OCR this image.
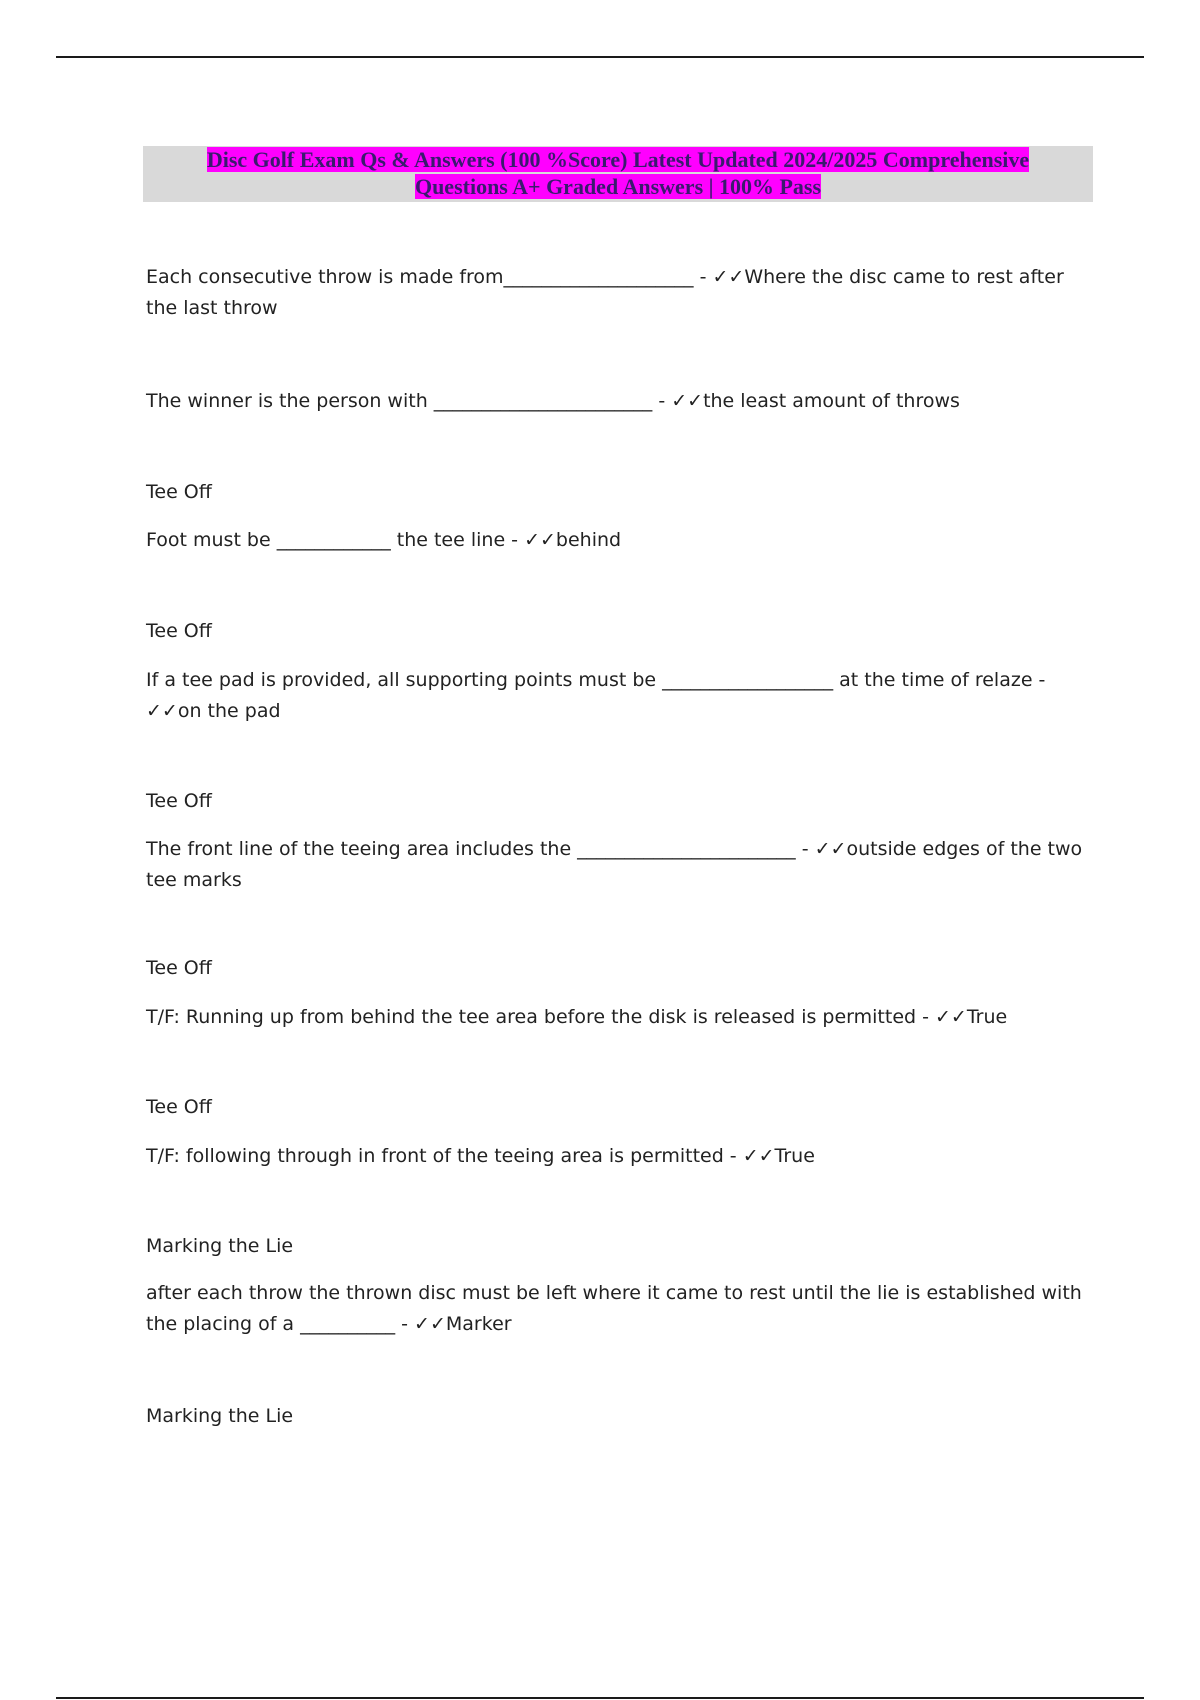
Disc Golf Exam Qs & Answers (100 %Score) Latest Updated 2024/2025 Comprehensive
Questions A+ Graded Answers | 100% Pass
Each consecutive throw is made from____________________ - ✓✓Where the disc came to rest after the last throw
The winner is the person with _______________________ - ✓✓the least amount of throws
Tee Off
Foot must be ____________ the tee line - ✓✓behind
Tee Off
If a tee pad is provided, all supporting points must be __________________ at the time of relaze - ✓✓on the pad
Tee Off
The front line of the teeing area includes the _______________________ - ✓✓outside edges of the two tee marks
Tee Off
T/F: Running up from behind the tee area before the disk is released is permitted - ✓✓True
Tee Off
T/F: following through in front of the teeing area is permitted - ✓✓True
Marking the Lie
after each throw the thrown disc must be left where it came to rest until the lie is established with the placing of a __________ - ✓✓Marker
Marking the Lie
